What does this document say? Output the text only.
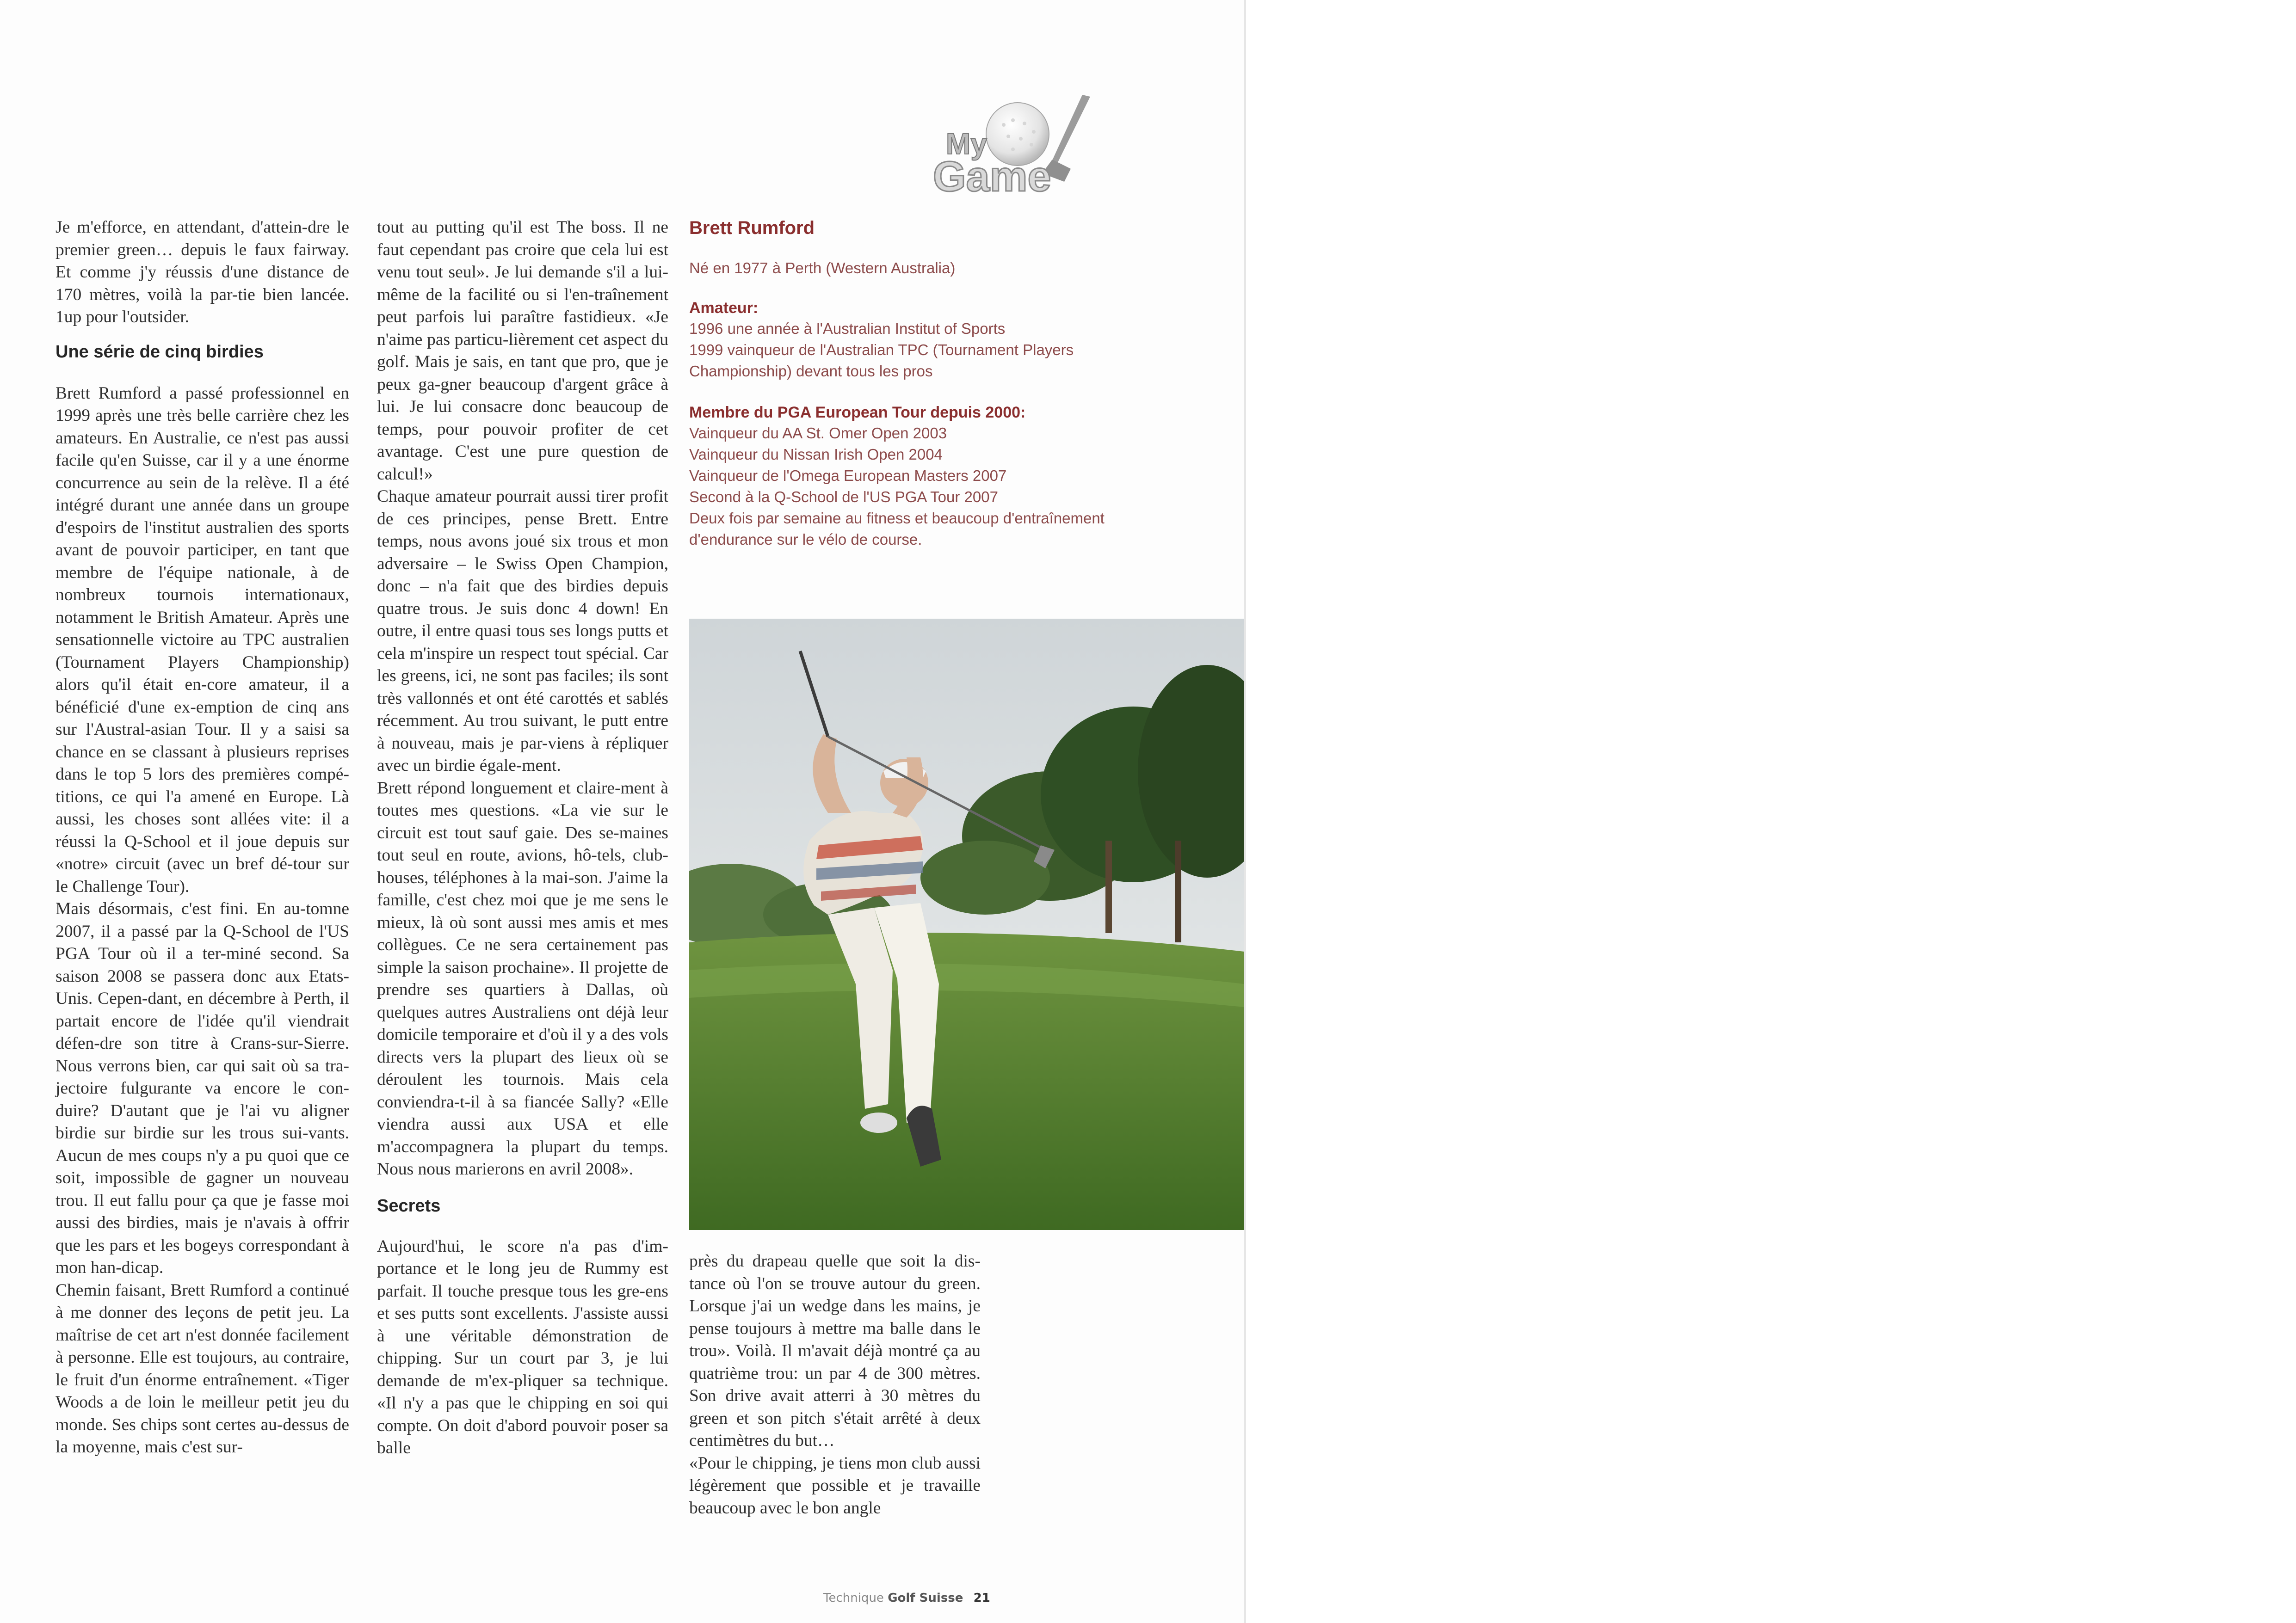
My
Game

Je m'efforce, en attendant, d'attein-dre le premier green… depuis le faux fairway. Et comme j'y réussis d'une distance de 170 mètres, voilà la par-tie bien lancée. 1up pour l'outsider.

Une série de cinq birdies

Brett Rumford a passé professionnel en 1999 après une très belle carrière chez les amateurs. En Australie, ce n'est pas aussi facile qu'en Suisse, car il y a une énorme concurrence au sein de la relève. Il a été intégré durant une année dans un groupe d'espoirs de l'institut australien des sports avant de pouvoir participer, en tant que membre de l'équipe nationale, à de nombreux tournois internationaux, notamment le British Amateur. Après une sensationnelle victoire au TPC australien (Tournament Players Championship) alors qu'il était en-core amateur, il a bénéficié d'une ex-emption de cinq ans sur l'Austral-asian Tour. Il y a saisi sa chance en se classant à plusieurs reprises dans le top 5 lors des premières compé-titions, ce qui l'a amené en Europe. Là aussi, les choses sont allées vite: il a réussi la Q-School et il joue depuis sur «notre» circuit (avec un bref dé-tour sur le Challenge Tour).

Mais désormais, c'est fini. En au-tomne 2007, il a passé par la Q-School de l'US PGA Tour où il a ter-miné second. Sa saison 2008 se passera donc aux Etats-Unis. Cepen-dant, en décembre à Perth, il partait encore de l'idée qu'il viendrait défen-dre son titre à Crans-sur-Sierre. Nous verrons bien, car qui sait où sa tra-jectoire fulgurante va encore le con-duire? D'autant que je l'ai vu aligner birdie sur birdie sur les trous sui-vants. Aucun de mes coups n'y a pu quoi que ce soit, impossible de gagner un nouveau trou. Il eut fallu pour ça que je fasse moi aussi des birdies, mais je n'avais à offrir que les pars et les bogeys correspondant à mon han-dicap.

Chemin faisant, Brett Rumford a continué à me donner des leçons de petit jeu. La maîtrise de cet art n'est donnée facilement à personne. Elle est toujours, au contraire, le fruit d'un énorme entraînement. «Tiger Woods a de loin le meilleur petit jeu du monde. Ses chips sont certes au-dessus de la moyenne, mais c'est sur-

tout au putting qu'il est The boss. Il ne faut cependant pas croire que cela lui est venu tout seul». Je lui demande s'il a lui-même de la facilité ou si l'en-traînement peut parfois lui paraître fastidieux. «Je n'aime pas particu-lièrement cet aspect du golf. Mais je sais, en tant que pro, que je peux ga-gner beaucoup d'argent grâce à lui. Je lui consacre donc beaucoup de temps, pour pouvoir profiter de cet avantage. C'est une pure question de calcul!»

Chaque amateur pourrait aussi tirer profit de ces principes, pense Brett. Entre temps, nous avons joué six trous et mon adversaire – le Swiss Open Champion, donc – n'a fait que des birdies depuis quatre trous. Je suis donc 4 down! En outre, il entre quasi tous ses longs putts et cela m'inspire un respect tout spécial. Car les greens, ici, ne sont pas faciles; ils sont très vallonnés et ont été carottés et sablés récemment. Au trou suivant, le putt entre à nouveau, mais je par-viens à répliquer avec un birdie égale-ment.

Brett répond longuement et claire-ment à toutes mes questions. «La vie sur le circuit est tout sauf gaie. Des se-maines tout seul en route, avions, hô-tels, club-houses, téléphones à la mai-son. J'aime la famille, c'est chez moi que je me sens le mieux, là où sont aussi mes amis et mes collègues. Ce ne sera certainement pas simple la saison prochaine». Il projette de prendre ses quartiers à Dallas, où quelques autres Australiens ont déjà leur domicile temporaire et d'où il y a des vols directs vers la plupart des lieux où se déroulent les tournois. Mais cela conviendra-t-il à sa fiancée Sally? «Elle viendra aussi aux USA et elle m'accompagnera la plupart du temps. Nous nous marierons en avril 2008».

Secrets

Aujourd'hui, le score n'a pas d'im-portance et le long jeu de Rummy est parfait. Il touche presque tous les gre-ens et ses putts sont excellents. J'assiste aussi à une véritable démonstration de chipping. Sur un court par 3, je lui demande de m'ex-pliquer sa technique. «Il n'y a pas que le chipping en soi qui compte. On doit d'abord pouvoir poser sa balle

Brett Rumford
Né en 1977 à Perth (Western Australia)
Amateur:
1996 une année à l'Australian Institut of Sports
1999 vainqueur de l'Australian TPC (Tournament Players
Championship) devant tous les pros
Membre du PGA European Tour depuis 2000:
Vainqueur du AA St. Omer Open 2003
Vainqueur du Nissan Irish Open 2004
Vainqueur de l'Omega European Masters 2007
Second à la Q-School de l'US PGA Tour 2007
Deux fois par semaine au fitness et beaucoup d'entraînement
d'endurance sur le vélo de course.

près du drapeau quelle que soit la dis-tance où l'on se trouve autour du green. Lorsque j'ai un wedge dans les mains, je pense toujours à mettre ma balle dans le trou». Voilà. Il m'avait déjà montré ça au quatrième trou: un par 4 de 300 mètres. Son drive avait atterri à 30 mètres du green et son pitch s'était arrêté à deux centimètres du but…

«Pour le chipping, je tiens mon club aussi légèrement que possible et je travaille beaucoup avec le bon angle

Technique Golf Suisse 21
